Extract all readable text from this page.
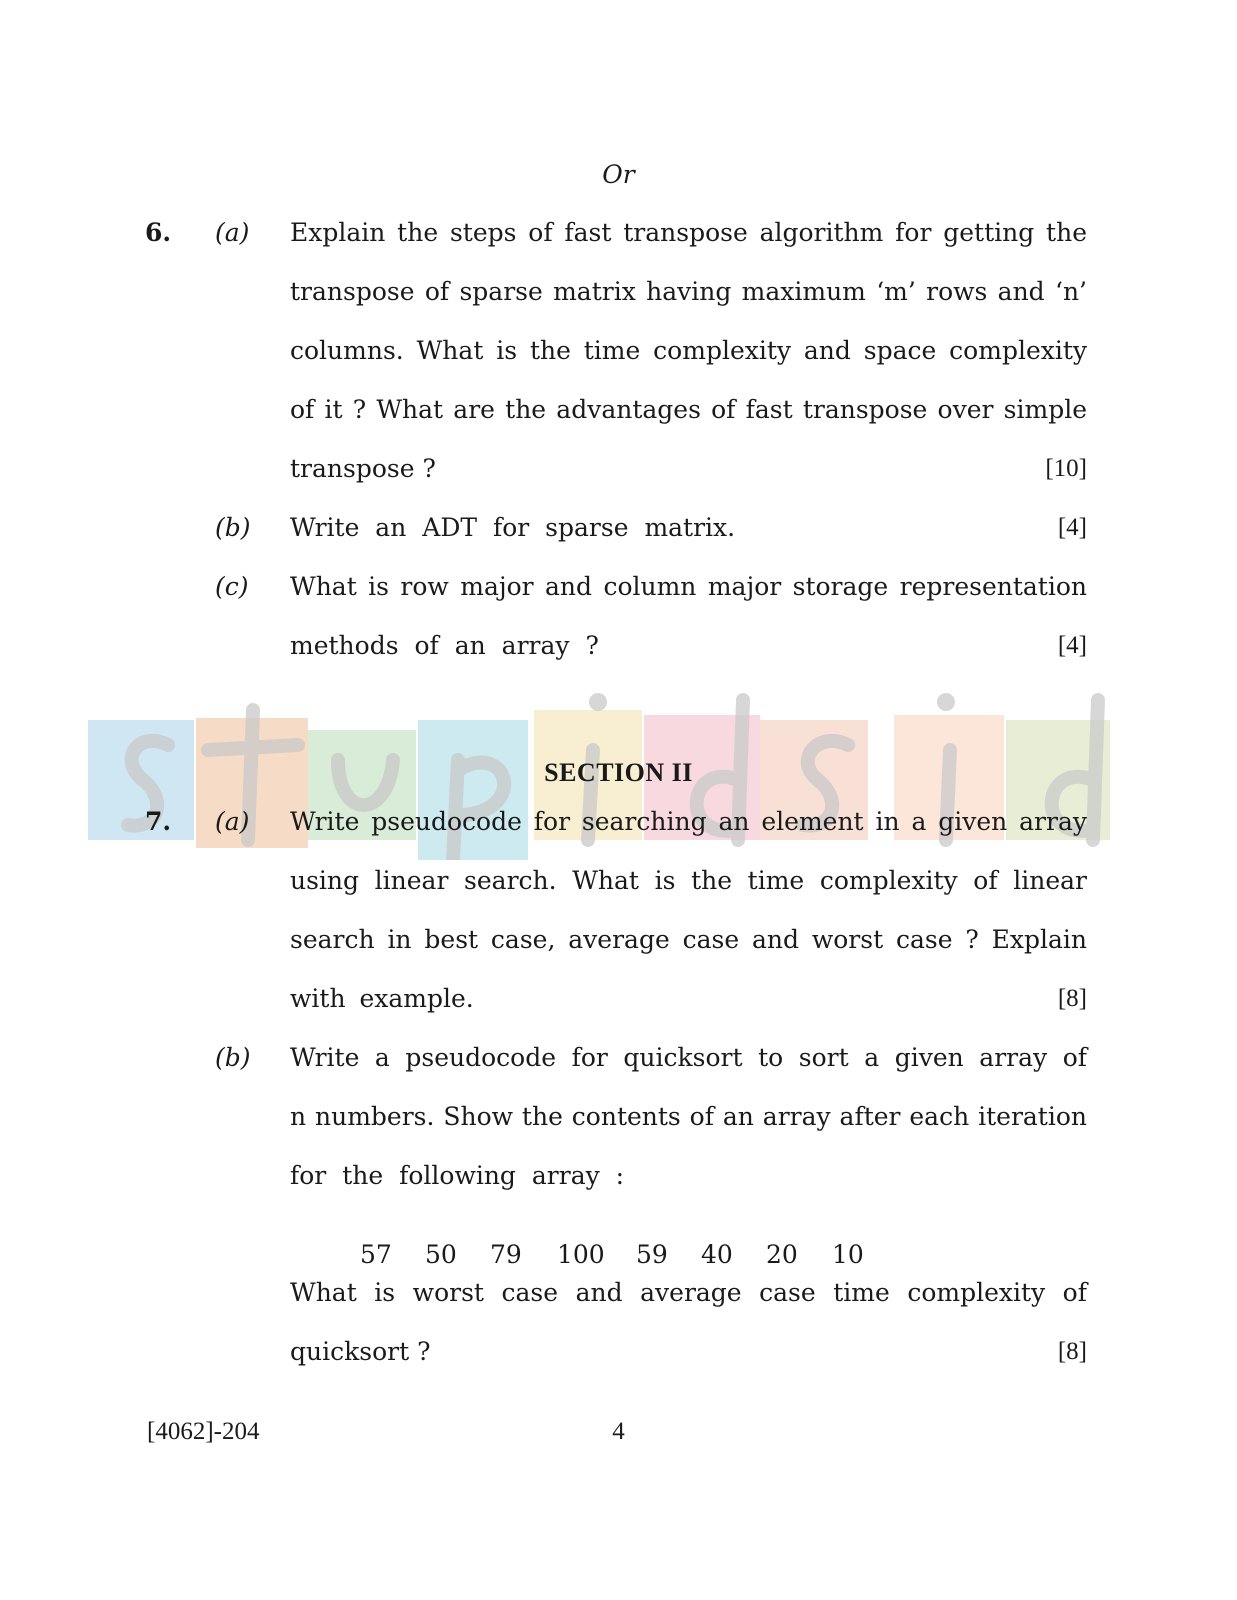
Or
6. (a) Explain the steps of fast transpose algorithm for getting the
transpose of sparse matrix having maximum ‘m’ rows and ‘n’
columns. What is the time complexity and space complexity
of it ? What are the advantages of fast transpose over simple
transpose ?	[10]
(b) Write an ADT for sparse matrix.	[4]
(c) What is row major and column major storage representation
methods of an array ?	[4]
SECTION II
7. (a) Write pseudocode for searching an element in a given array
using linear search. What is the time complexity of linear
search in best case, average case and worst case ? Explain
with example.	[8]
(b) Write a pseudocode for quicksort to sort a given array of
n numbers. Show the contents of an array after each iteration
for the following array :
57 50 79 100 59 40 20 10
What is worst case and average case time complexity of
quicksort ?	[8]
[4062]-204	4
